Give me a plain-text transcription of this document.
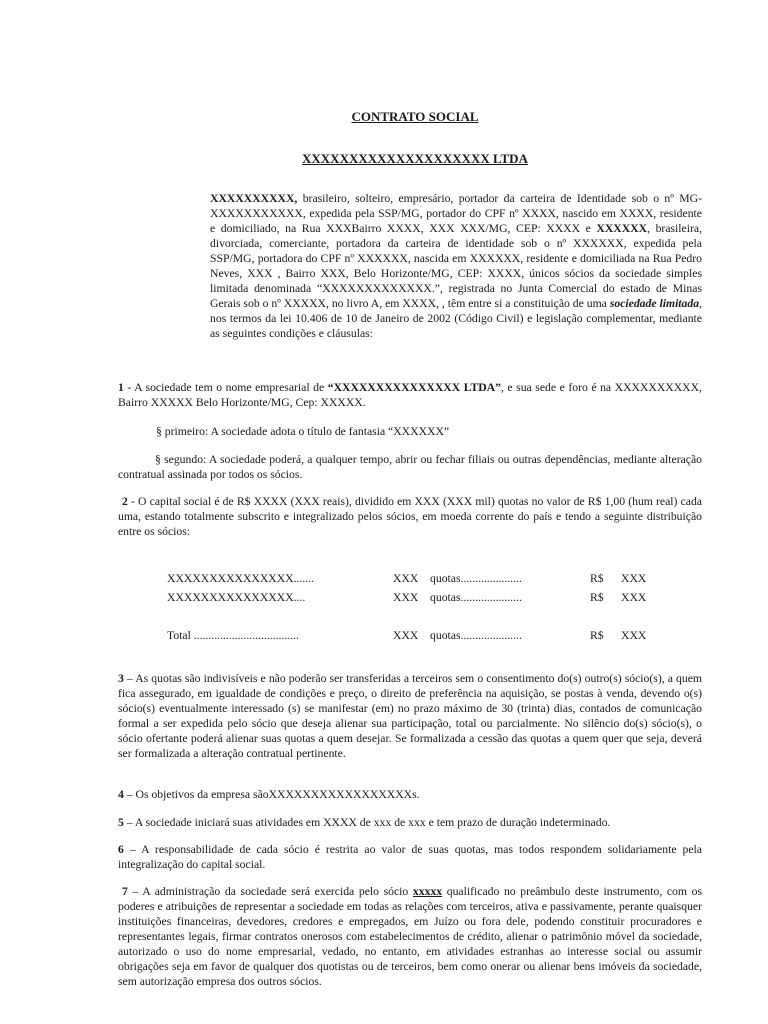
CONTRATO SOCIAL
XXXXXXXXXXXXXXXXXXXX LTDA
XXXXXXXXXX, brasileiro, solteiro, empresário, portador da carteira de Identidade sob o nº MG-XXXXXXXXXXX, expedida pela SSP/MG, portador do CPF nº XXXX, nascido em XXXX, residente e domiciliado, na Rua XXXBairro XXXX, XXX XXX/MG, CEP: XXXX e XXXXXX, brasileira, divorciada, comerciante, portadora da carteira de identidade sob o nº XXXXXX, expedida pela SSP/MG, portadora do CPF nº XXXXXX, nascida em XXXXXX, residente e domiciliada na Rua Pedro Neves, XXX , Bairro XXX, Belo Horizonte/MG, CEP: XXXX, únicos sócios da sociedade simples limitada denominada “XXXXXXXXXXXXX.”, registrada no Junta Comercial do estado de Minas Gerais sob o nº XXXXX, no livro A, em XXXX, , têm entre si a constituição de uma sociedade limitada, nos termos da lei 10.406 de 10 de Janeiro de 2002 (Código Civil) e legislação complementar, mediante as seguintes condições e cláusulas:
1 - A sociedade tem o nome empresarial de “XXXXXXXXXXXXXXX LTDA”, e sua sede e foro é na XXXXXXXXXX, Bairro XXXXX Belo Horizonte/MG, Cep: XXXXX.
§ primeiro: A sociedade adota o título de fantasia “XXXXXX”
§ segundo: A sociedade poderá, a qualquer tempo, abrir ou fechar filiais ou outras dependências, mediante alteração contratual assinada por todos os sócios.
2 - O capital social é de R$ XXXX (XXX reais), dividido em XXX (XXX mil) quotas no valor de R$ 1,00 (hum real) cada uma, estando totalmente subscrito e integralizado pelos sócios, em moeda corrente do país e tendo a seguinte distribuição entre os sócios:
XXXXXXXXXXXXXXX.......	XXX quotas.....................	R$ XXX
XXXXXXXXXXXXXXX....	XXX quotas.....................	R$ XXX
Total ....................................	XXX quotas.....................	R$ XXX
3 – As quotas são indivisíveis e não poderão ser transferidas a terceiros sem o consentimento do(s) outro(s) sócio(s), a quem fica assegurado, em igualdade de condições e preço, o direito de preferência na aquisição, se postas à venda, devendo o(s) sócio(s) eventualmente interessado (s) se manifestar (em) no prazo máximo de 30 (trinta) dias, contados de comunicação formal a ser expedida pelo sócio que deseja alienar sua participação, total ou parcialmente. No silêncio do(s) sócio(s), o sócio ofertante poderá alienar suas quotas a quem desejar. Se formalizada a cessão das quotas a quem quer que seja, deverá ser formalizada a alteração contratual pertinente.
4 – Os objetivos da empresa sãoXXXXXXXXXXXXXXXXXs.
5 – A sociedade iniciará suas atividades em XXXX de xxx de xxx e tem prazo de duração indeterminado.
6 – A responsabilidade de cada sócio é restrita ao valor de suas quotas, mas todos respondem solidariamente pela integralização do capital social.
7 – A administração da sociedade será exercida pelo sócio xxxxx qualificado no preâmbulo deste instrumento, com os poderes e atribuições de representar a sociedade em todas as relações com terceiros, ativa e passivamente, perante quaisquer instituições financeiras, devedores, credores e empregados, em Juízo ou fora dele, podendo constituir procuradores e representantes legais, firmar contratos onerosos com estabelecimentos de crédito, alienar o patrimônio móvel da sociedade, autorizado o uso do nome empresarial, vedado, no entanto, em atividades estranhas ao interesse social ou assumir obrigações seja em favor de qualquer dos quotistas ou de terceiros, bem como onerar ou alienar bens imóveis da sociedade, sem autorização empresa dos outros sócios.
